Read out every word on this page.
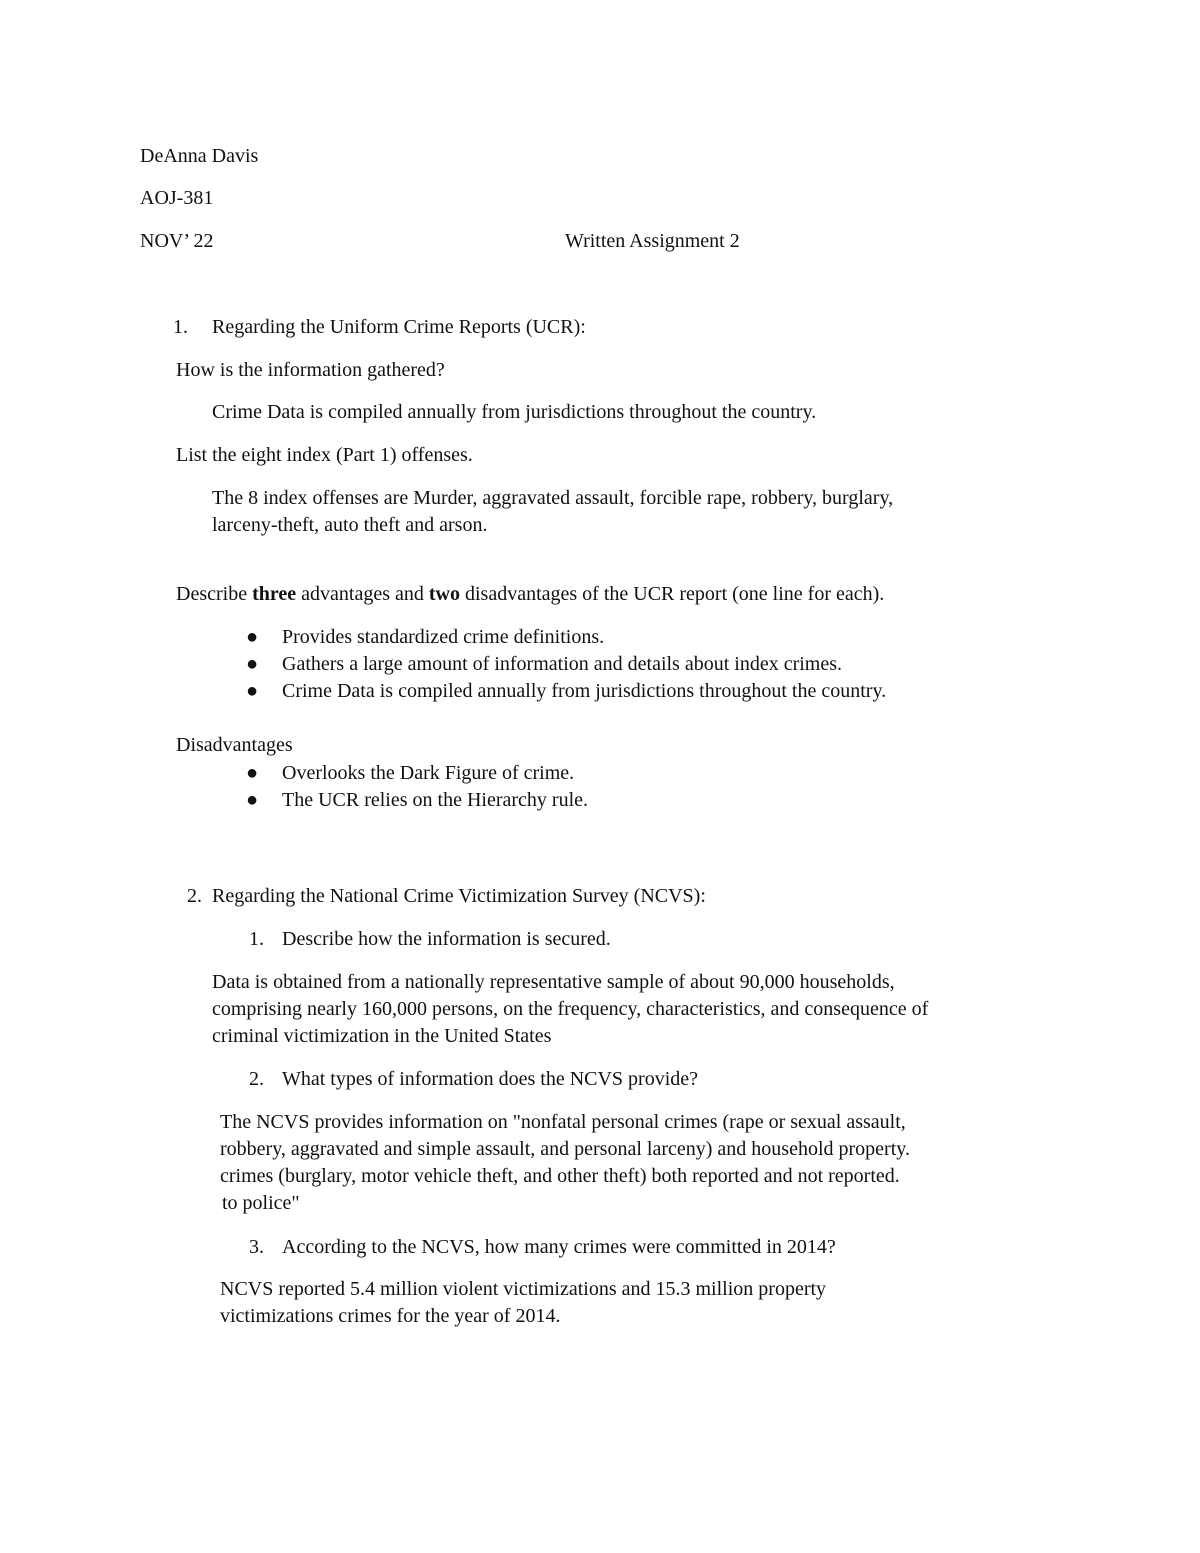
DeAnna Davis
AOJ-381
NOV’ 22	Written Assignment 2
1. Regarding the Uniform Crime Reports (UCR):
How is the information gathered?
Crime Data is compiled annually from jurisdictions throughout the country.
List the eight index (Part 1) offenses.
The 8 index offenses are Murder, aggravated assault, forcible rape, robbery, burglary,
larceny-theft, auto theft and arson.
Describe three advantages and two disadvantages of the UCR report (one line for each).
● Provides standardized crime definitions.
● Gathers a large amount of information and details about index crimes.
● Crime Data is compiled annually from jurisdictions throughout the country.
Disadvantages
● Overlooks the Dark Figure of crime.
● The UCR relies on the Hierarchy rule.
2. Regarding the National Crime Victimization Survey (NCVS):
1. Describe how the information is secured.
Data is obtained from a nationally representative sample of about 90,000 households,
comprising nearly 160,000 persons, on the frequency, characteristics, and consequence of
criminal victimization in the United States
2. What types of information does the NCVS provide?
The NCVS provides information on "nonfatal personal crimes (rape or sexual assault,
robbery, aggravated and simple assault, and personal larceny) and household property.
crimes (burglary, motor vehicle theft, and other theft) both reported and not reported.
to police"
3. According to the NCVS, how many crimes were committed in 2014?
NCVS reported 5.4 million violent victimizations and 15.3 million property
victimizations crimes for the year of 2014.
